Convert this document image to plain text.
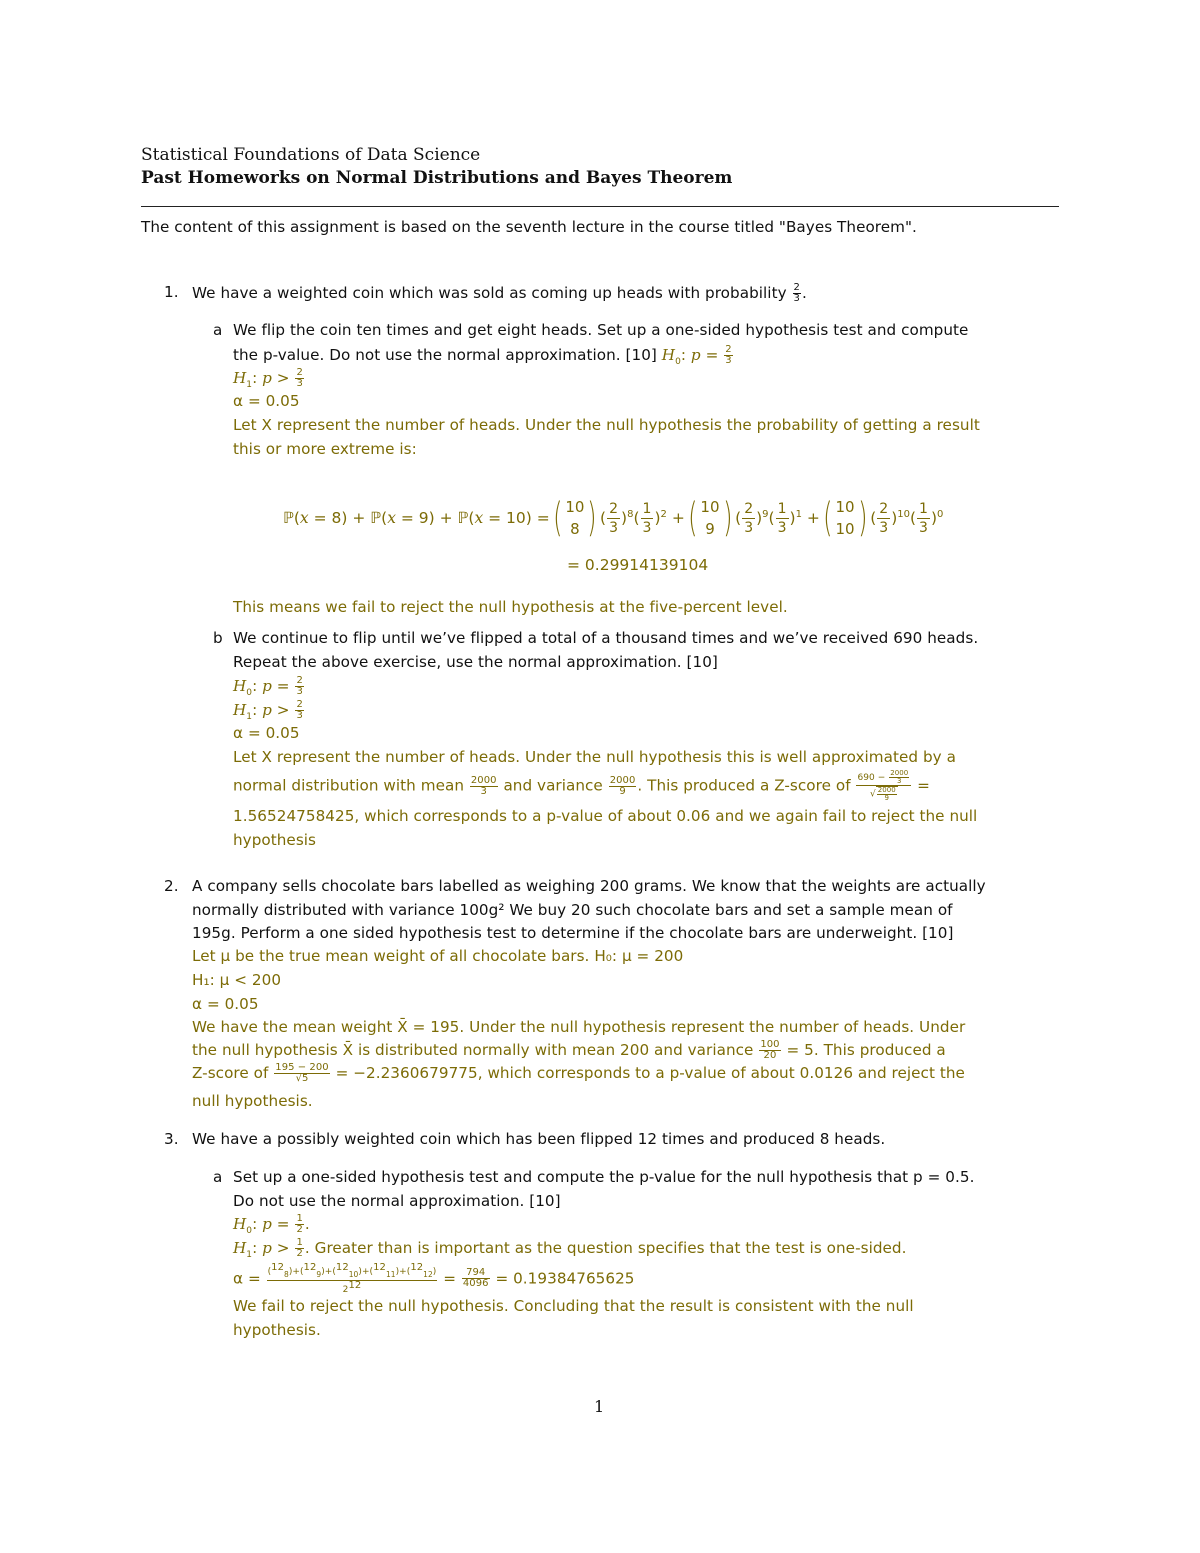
Statistical Foundations of Data Science
Past Homeworks on Normal Distributions and Bayes Theorem
The content of this assignment is based on the seventh lecture in the course titled "Bayes Theorem".
1. We have a weighted coin which was sold as coming up heads with probability $\frac{2}{3}$ .
a We flip the coin ten times and get eight heads. Set up a one-sided hypothesis test and compute
the p-value. Do not use the normal approximation. [10] $H_0$: $p = \frac{2}{3}$
$H_1$: $p > \frac{2}{3}$
α = 0.05
Let X represent the number of heads. Under the null hypothesis the probability of getting a result
this or more extreme is:
ℙ(x = 8) + ℙ(x = 9) + ℙ(x = 10) = ( 10
8 ) (
2
3
)$^8$(
1
3
)$^2$ + ( 10
9 ) (
2
3
)$^9$(
1
3
)$^1$ + ( 10
10 ) (
2
3
)$^{10}$(
1
3
)$^0$
= 0.29914139104
This means we fail to reject the null hypothesis at the five-percent level.
b We continue to flip until we’ve flipped a total of a thousand times and we’ve received 690 heads.
Repeat the above exercise, use the normal approximation. [10]
$H_0$: $p = \frac{2}{3}$
$H_1$: $p > \frac{2}{3}$
α = 0.05
Let X represent the number of heads. Under the null hypothesis this is well approximated by a
normal distribution with mean $\frac{2000}{3}$ and variance $\frac{2000}{9}$ . This produced a Z-score of $\frac{690 - \frac{2000}{3}}{√ \frac{2000}{9}}$ =
1.56524758425, which corresponds to a p-value of about 0.06 and we again fail to reject the null
hypothesis
2. A company sells chocolate bars labelled as weighing 200 grams. We know that the weights are actually
normally distributed with variance 100g² We buy 20 such chocolate bars and set a sample mean of
195g. Perform a one sided hypothesis test to determine if the chocolate bars are underweight. [10]
Let μ be the true mean weight of all chocolate bars. H₀: μ = 200
H₁: μ < 200
α = 0.05
We have the mean weight X̄ = 195. Under the null hypothesis represent the number of heads. Under
the null hypothesis X̄ is distributed normally with mean 200 and variance $\frac{100}{20} = 5$. This produced a
Z-score of $\frac{195 - 200}{√5} = -2.2360679775$, which corresponds to a p-value of about 0.0126 and reject the
null hypothesis.
3. We have a possibly weighted coin which has been flipped 12 times and produced 8 heads.
a Set up a one-sided hypothesis test and compute the p-value for the null hypothesis that p = 0.5.
Do not use the normal approximation. [10]
$H_0$: $p = \frac{1}{2}$ .
$H_1$: $p > \frac{1}{2}$ . Greater than is important as the question specifies that the test is one-sided.
$\alpha = \frac{(^{12}_8)+(^{12}_9)+(^{12}_{10})+(^{12}_{11})+(^{12}_{12})}{2^{12}} = \frac{794}{4096} = 0.19384765625$
We fail to reject the null hypothesis. Concluding that the result is consistent with the null
hypothesis.
1
